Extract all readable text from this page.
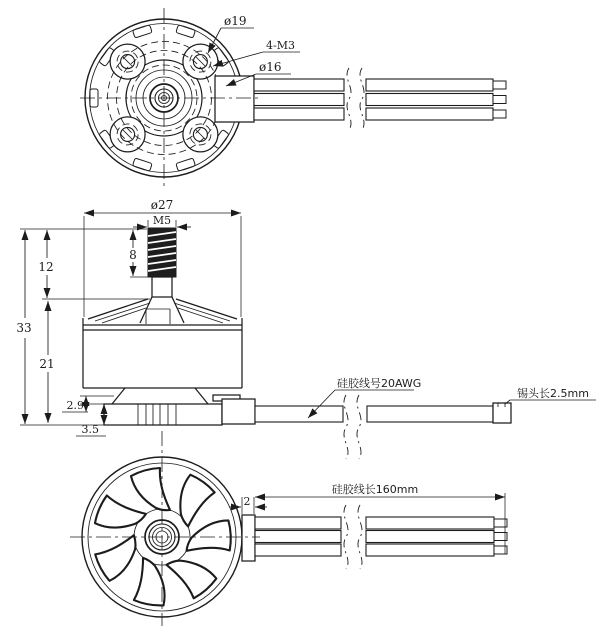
ø19
4-M3
ø16
ø27
M5
8
12
21
33
2.9
3.5
硅胶线号20AWG
锡头长2.5mm
2
硅胶线长160mm
